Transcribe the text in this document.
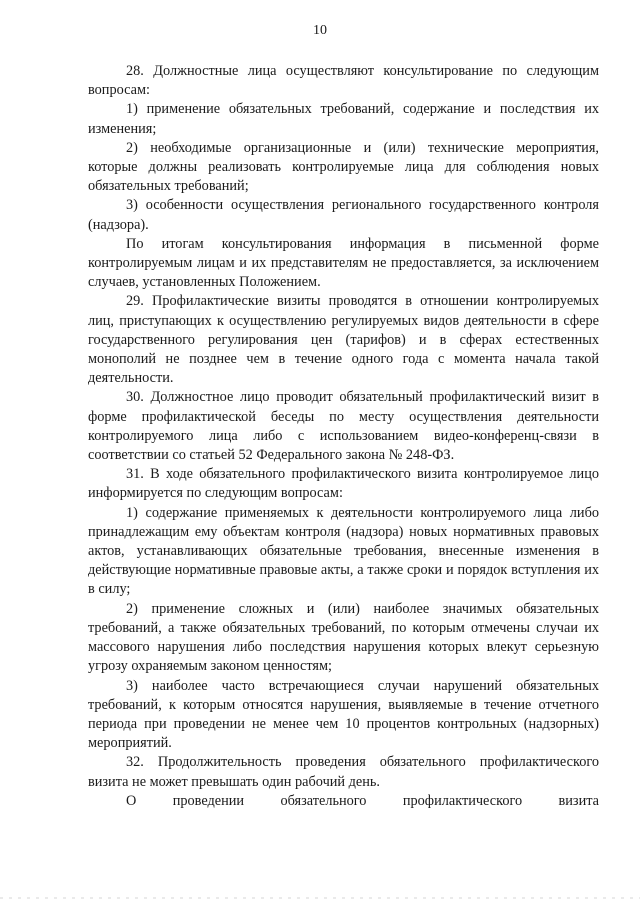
10

28. Должностные лица осуществляют консультирование по следующим вопросам:

1) применение обязательных требований, содержание и последствия их изменения;

2) необходимые организационные и (или) технические мероприятия, которые должны реализовать контролируемые лица для соблюдения новых обязательных требований;

3) особенности осуществления регионального государственного контроля (надзора).

По итогам консультирования информация в письменной форме контролируемым лицам и их представителям не предоставляется, за исключением случаев, установленных Положением.

29. Профилактические визиты проводятся в отношении контролируемых лиц, приступающих к осуществлению регулируемых видов деятельности в сфере государственного регулирования цен (тарифов) и в сферах естественных монополий не позднее чем в течение одного года с момента начала такой деятельности.

30. Должностное лицо проводит обязательный профилактический визит в форме профилактической беседы по месту осуществления деятельности контролируемого лица либо с использованием видео-конференц-связи в соответствии со статьей 52 Федерального закона № 248-ФЗ.

31. В ходе обязательного профилактического визита контролируемое лицо информируется по следующим вопросам:

1) содержание применяемых к деятельности контролируемого лица либо принадлежащим ему объектам контроля (надзора) новых нормативных правовых актов, устанавливающих обязательные требования, внесенные изменения в действующие нормативные правовые акты, а также сроки и порядок вступления их в силу;

2) применение сложных и (или) наиболее значимых обязательных требований, а также обязательных требований, по которым отмечены случаи их массового нарушения либо последствия нарушения которых влекут серьезную угрозу охраняемым законом ценностям;

3) наиболее часто встречающиеся случаи нарушений обязательных требований, к которым относятся нарушения, выявляемые в течение отчетного периода при проведении не менее чем 10 процентов контрольных (надзорных) мероприятий.

32. Продолжительность проведения обязательного профилактического визита не может превышать один рабочий день.

О проведении обязательного профилактического визита
